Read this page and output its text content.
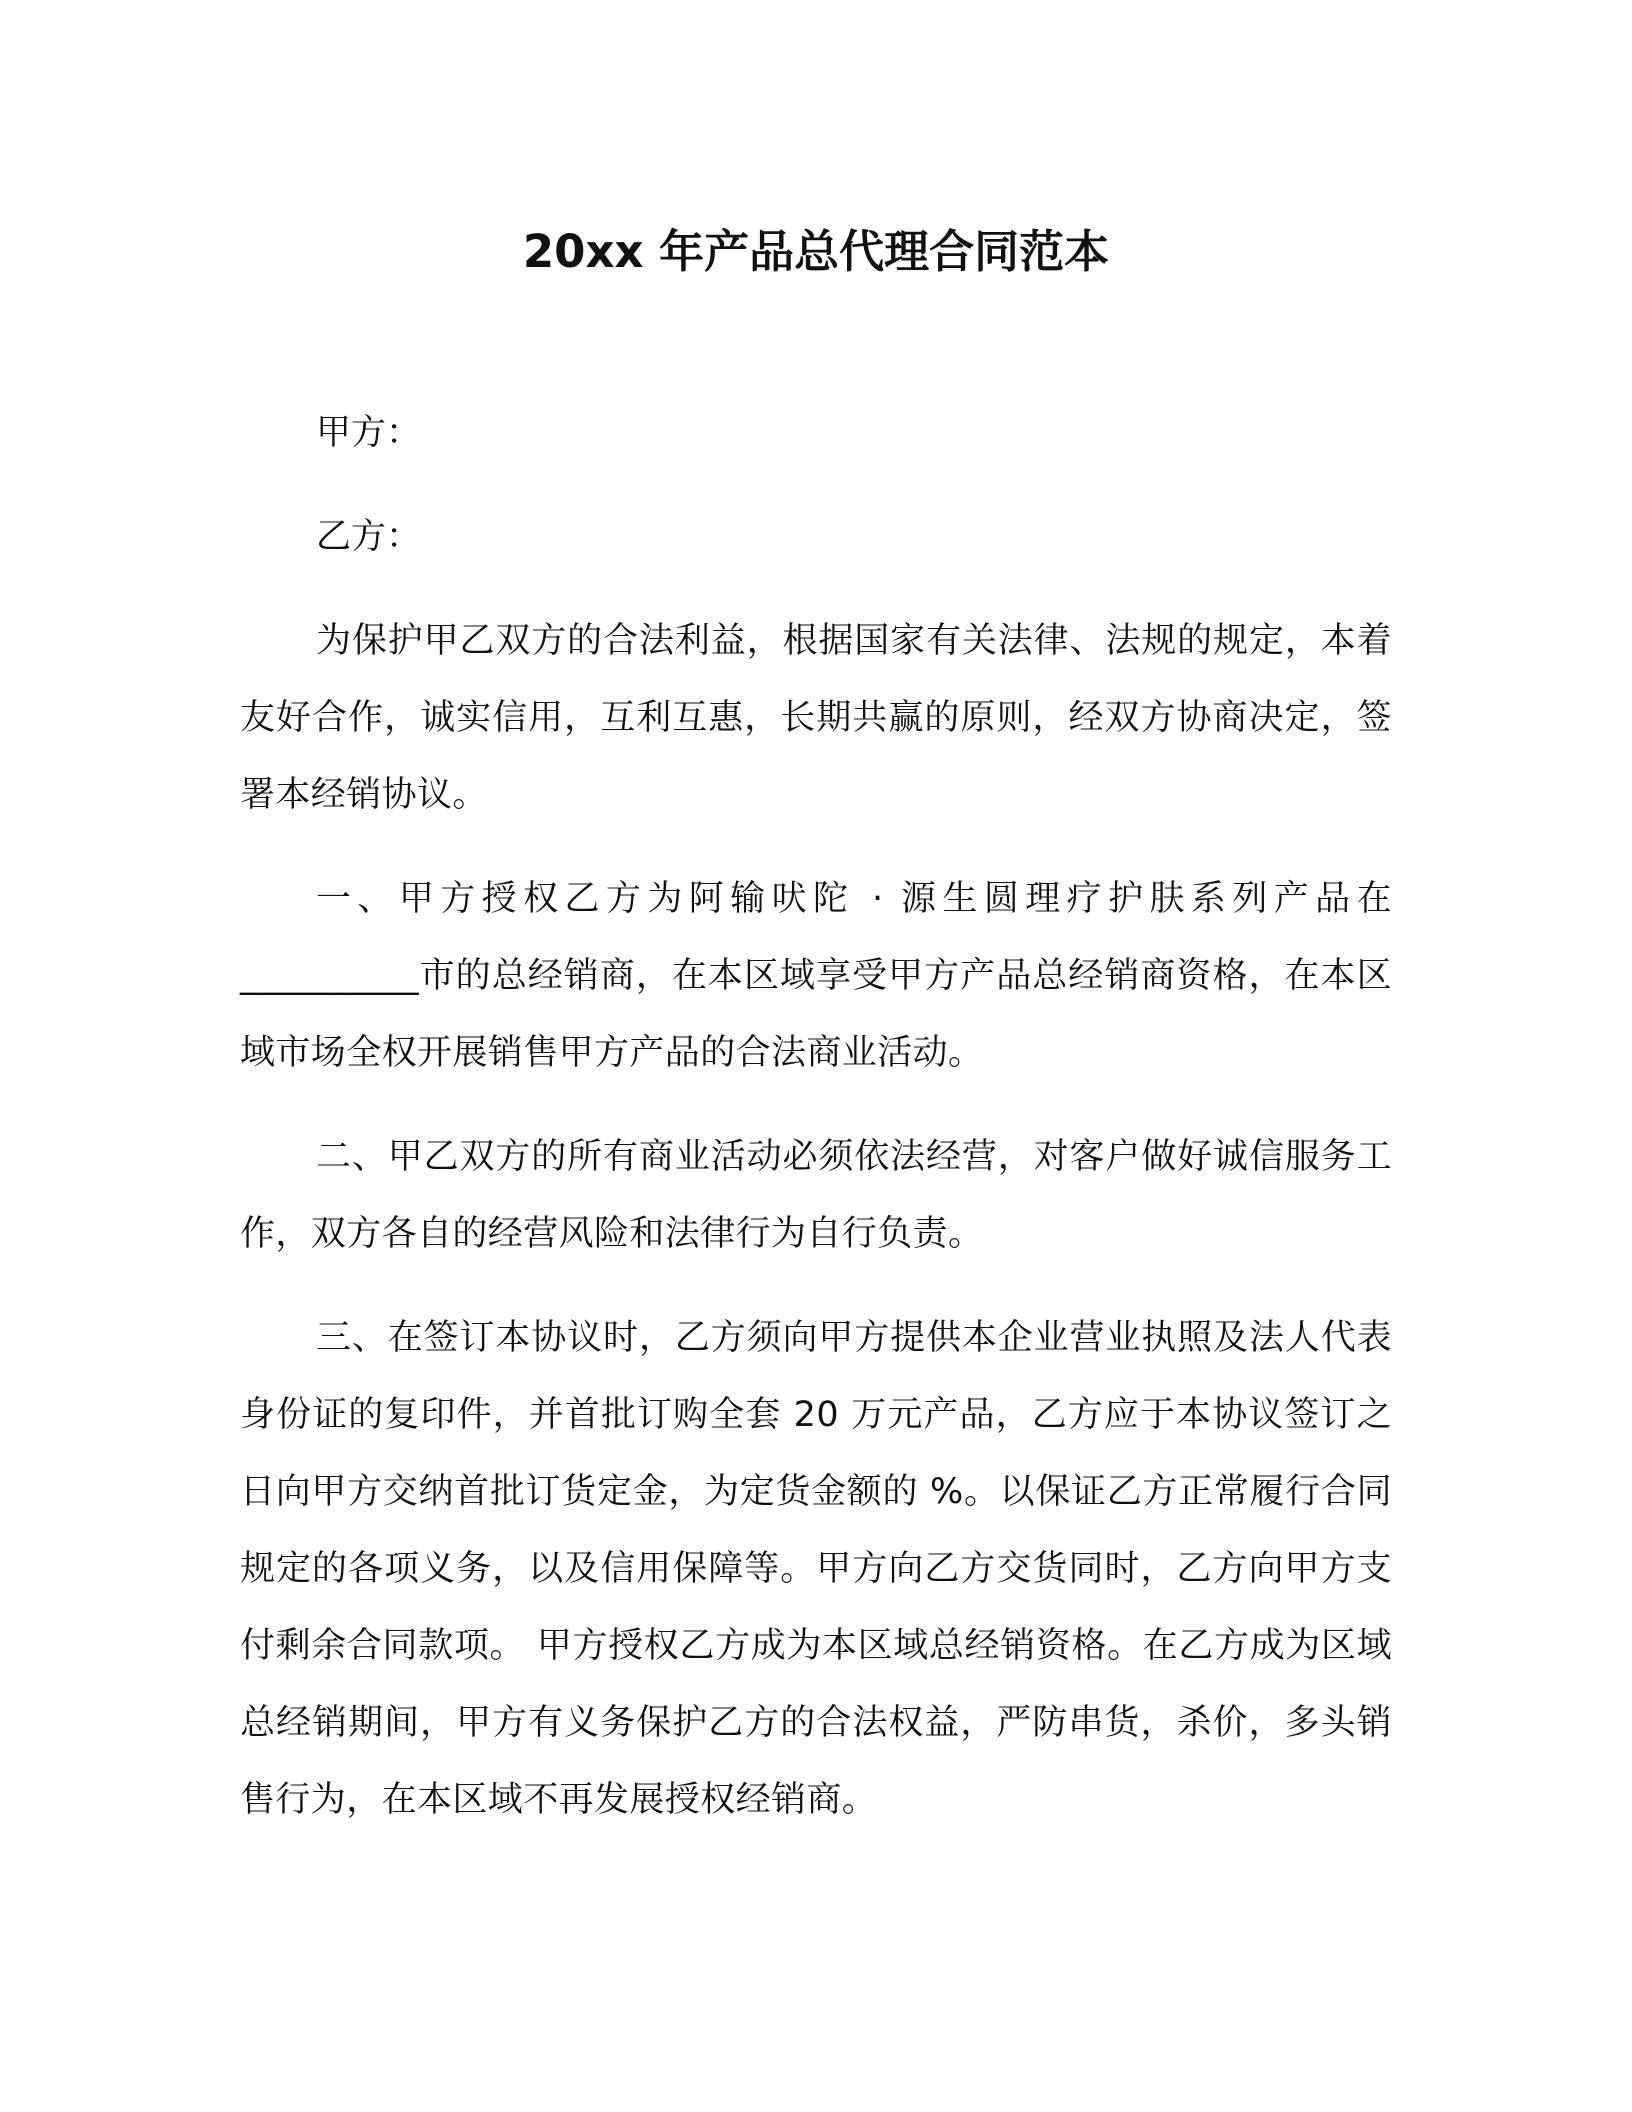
20xx 年产品总代理合同范本

甲方：

乙方：

为保护甲乙双方的合法利益，根据国家有关法律、法规的规定，本着友好合作，诚实信用，互利互惠，长期共赢的原则，经双方协商决定，签署本经销协议。

一、甲方授权乙方为阿输吠陀 · 源生圆理疗护肤系列产品在__________市的总经销商，在本区域享受甲方产品总经销商资格，在本区域市场全权开展销售甲方产品的合法商业活动。

二、甲乙双方的所有商业活动必须依法经营，对客户做好诚信服务工作，双方各自的经营风险和法律行为自行负责。

三、在签订本协议时，乙方须向甲方提供本企业营业执照及法人代表身份证的复印件，并首批订购全套 20 万元产品，乙方应于本协议签订之日向甲方交纳首批订货定金，为定货金额的 %。以保证乙方正常履行合同规定的各项义务，以及信用保障等。甲方向乙方交货同时，乙方向甲方支付剩余合同款项。 甲方授权乙方成为本区域总经销资格。在乙方成为区域总经销期间，甲方有义务保护乙方的合法权益，严防串货，杀价，多头销售行为，在本区域不再发展授权经销商。
